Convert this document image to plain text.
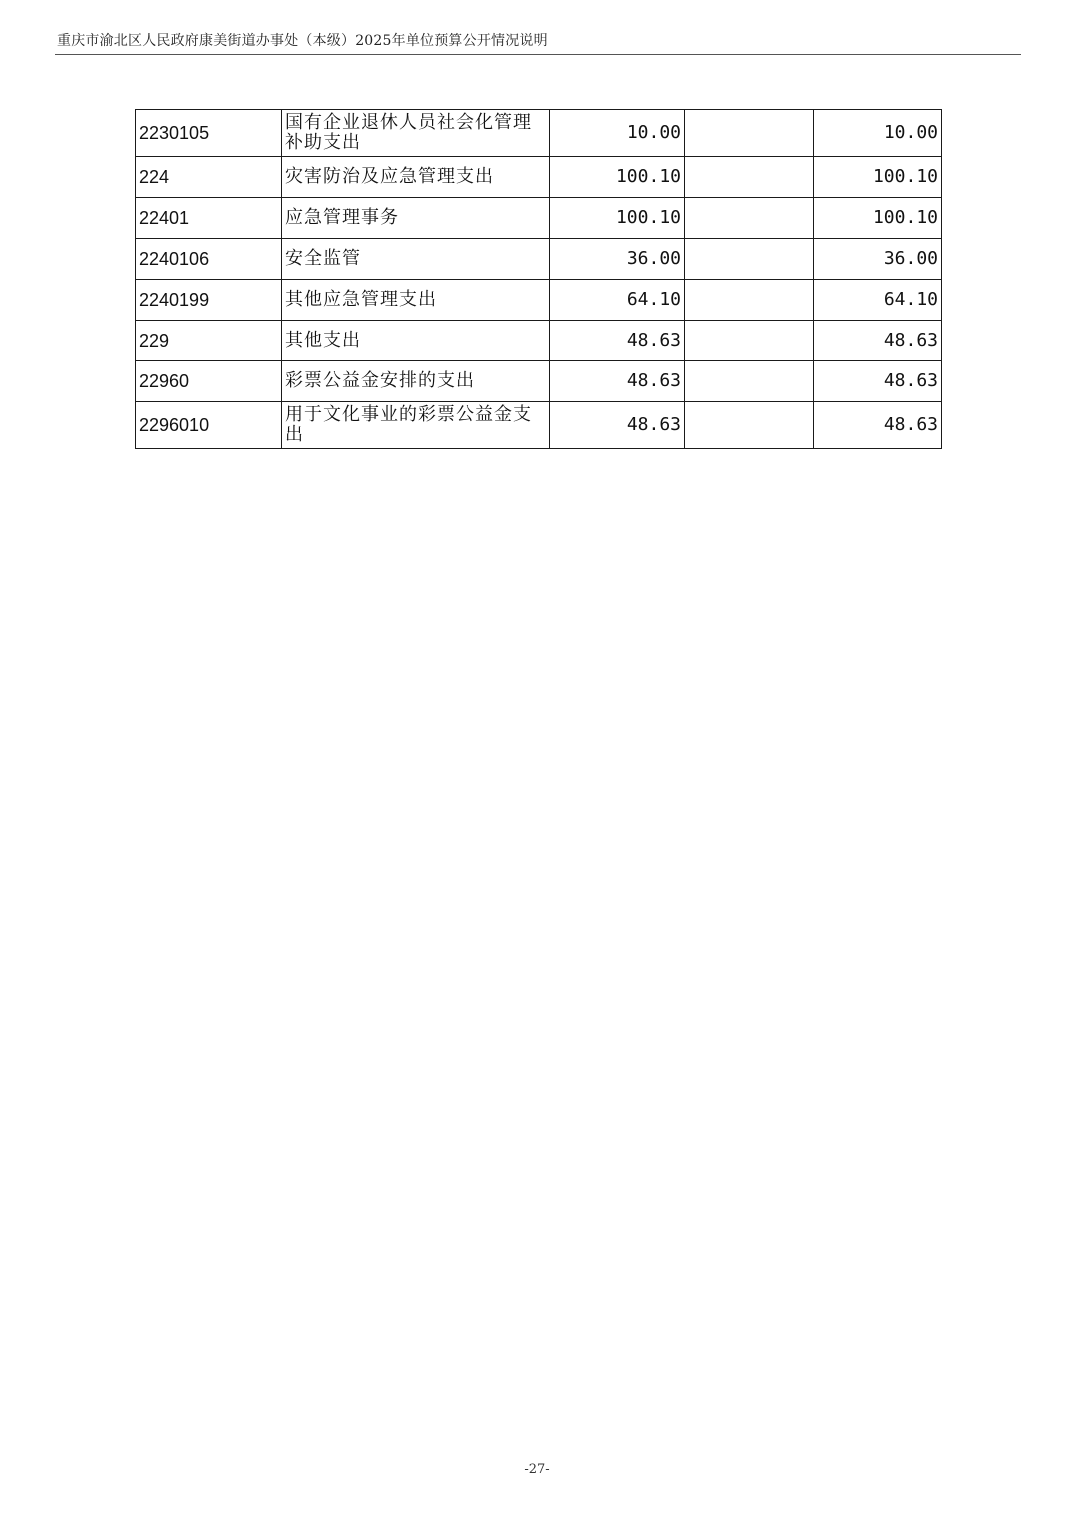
重庆市渝北区人民政府康美街道办事处（本级）2025年单位预算公开情况说明
2230105	国有企业退休人员社会化管理补助支出	10.00		10.00
224	灾害防治及应急管理支出	100.10		100.10
22401	应急管理事务	100.10		100.10
2240106	安全监管	36.00		36.00
2240199	其他应急管理支出	64.10		64.10
229	其他支出	48.63		48.63
22960	彩票公益金安排的支出	48.63		48.63
2296010	用于文化事业的彩票公益金支出	48.63		48.63
-27-
